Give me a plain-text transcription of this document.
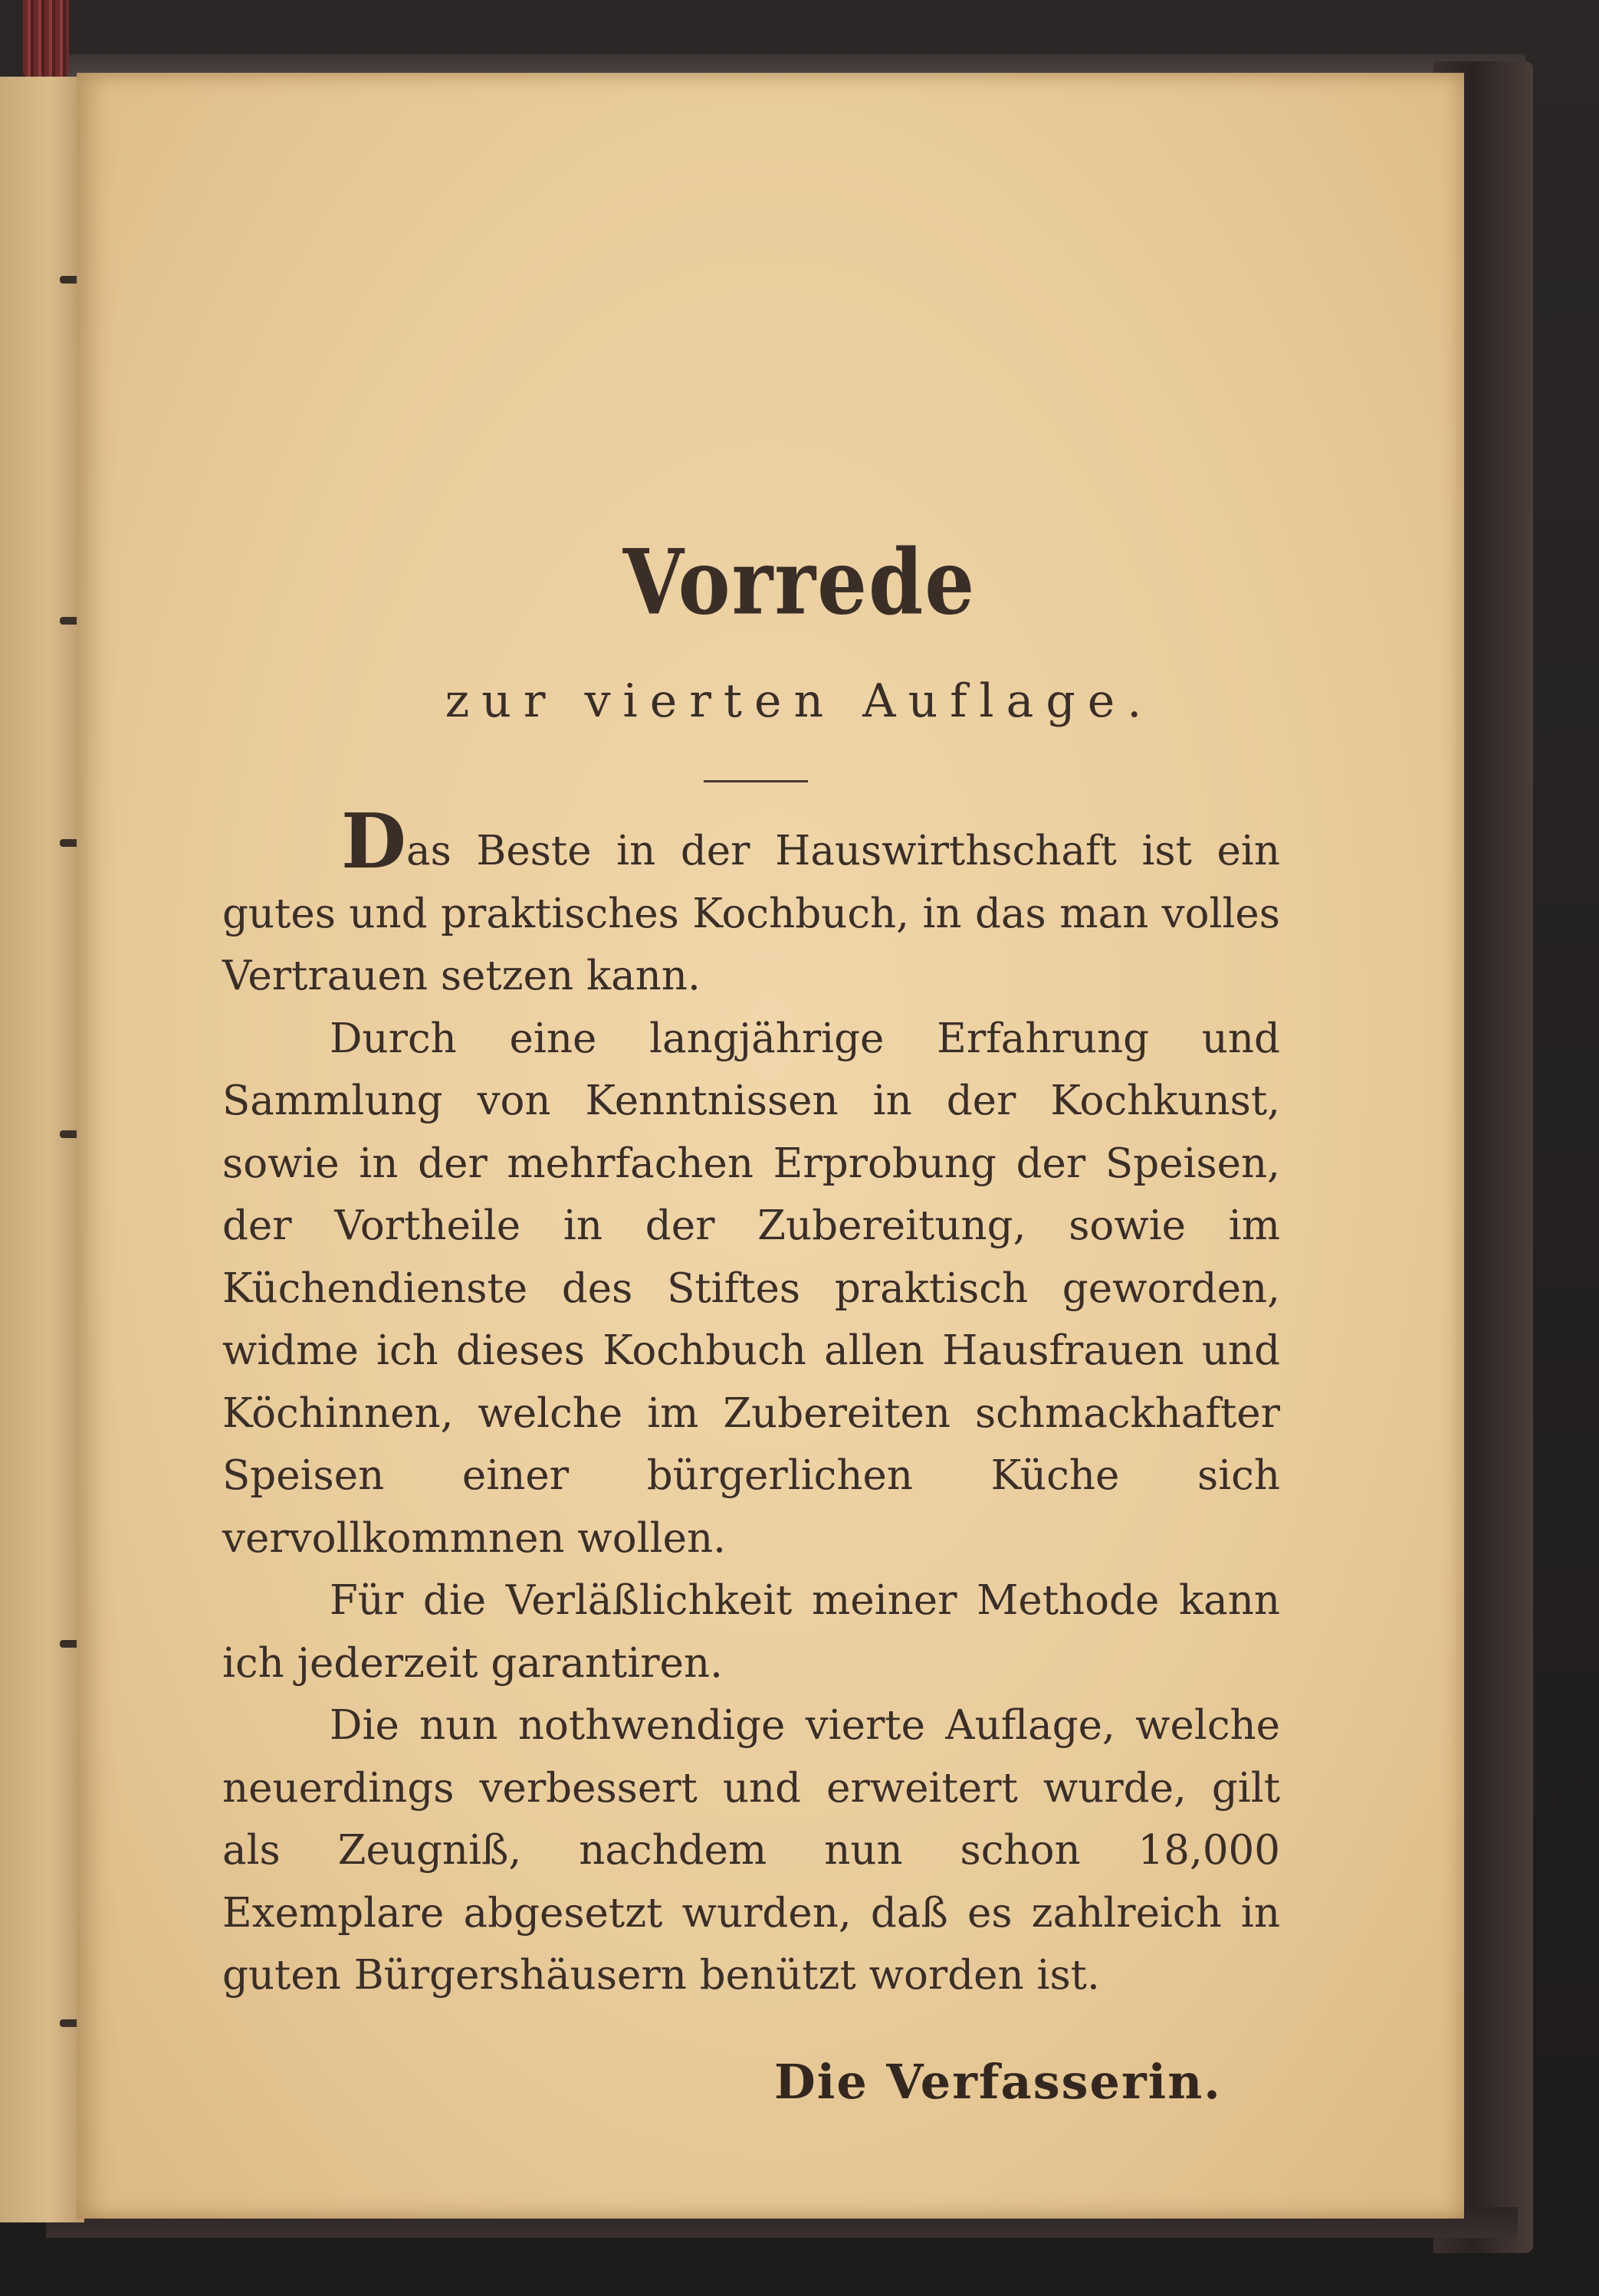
Vorrede
zur vierten Auflage.

Das Beste in der Hauswirthschaft ist ein gutes und praktisches Kochbuch, in das man volles Vertrauen setzen kann.

Durch eine langjährige Erfahrung und Sammlung von Kenntnissen in der Kochkunst, sowie in der mehrfachen Erprobung der Speisen, der Vortheile in der Zubereitung, sowie im Küchendienste des Stiftes praktisch geworden, widme ich dieses Kochbuch allen Hausfrauen und Köchinnen, welche im Zubereiten schmackhafter Speisen einer bürgerlichen Küche sich vervollkommnen wollen.

Für die Verläßlichkeit meiner Methode kann ich jederzeit garantiren.

Die nun nothwendige vierte Auflage, welche neuerdings verbessert und erweitert wurde, gilt als Zeugniß, nachdem nun schon 18,000 Exemplare abgesetzt wurden, daß es zahlreich in guten Bürgershäusern benützt worden ist.

Die Verfasserin.
